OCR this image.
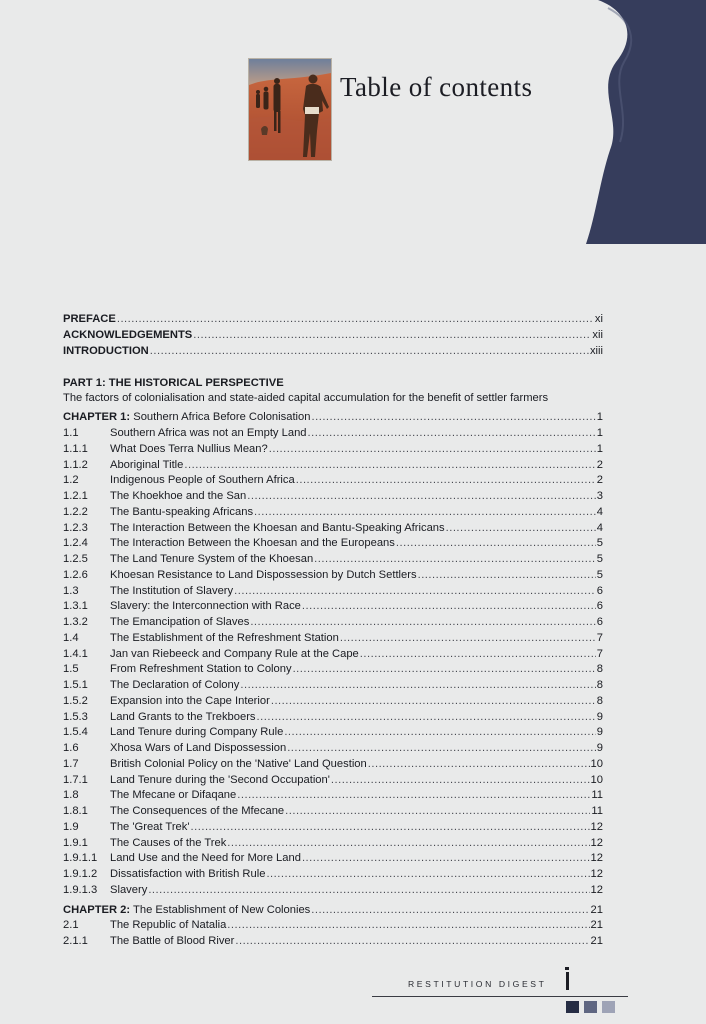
Table of contents
PREFACE .....	xi
ACKNOWLEDGEMENTS .....	xii
INTRODUCTION .....	xiii
PART 1: THE HISTORICAL PERSPECTIVE
The factors of colonialisation and state-aided capital accumulation for the benefit of settler farmers
CHAPTER 1: Southern Africa Before Colonisation .....	1
1.1	Southern Africa was not an Empty Land .....	1
1.1.1	What Does Terra Nullius Mean? .....	1
1.1.2	Aboriginal Title .....	2
1.2	Indigenous People of Southern Africa .....	2
1.2.1	The Khoekhoe and the San .....	3
1.2.2	The Bantu-speaking Africans .....	4
1.2.3	The Interaction Between the Khoesan and Bantu-Speaking Africans .....	4
1.2.4	The Interaction Between the Khoesan and the Europeans .....	5
1.2.5	The Land Tenure System of the Khoesan .....	5
1.2.6	Khoesan Resistance to Land Dispossession by Dutch Settlers .....	5
1.3	The Institution of Slavery .....	6
1.3.1	Slavery: the Interconnection with Race .....	6
1.3.2	The Emancipation of Slaves .....	6
1.4	The Establishment of the Refreshment Station .....	7
1.4.1	Jan van Riebeeck and Company Rule at the Cape .....	7
1.5	From Refreshment Station to Colony .....	8
1.5.1	The Declaration of Colony .....	8
1.5.2	Expansion into the Cape Interior .....	8
1.5.3	Land Grants to the Trekboers .....	9
1.5.4	Land Tenure during Company Rule .....	9
1.6	Xhosa Wars of Land Dispossession .....	9
1.7	British Colonial Policy on the 'Native' Land Question .....	10
1.7.1	Land Tenure during the 'Second Occupation' .....	10
1.8	The Mfecane or Difaqane .....	11
1.8.1	The Consequences of the Mfecane .....	11
1.9	The 'Great Trek' .....	12
1.9.1	The Causes of the Trek .....	12
1.9.1.1	Land Use and the Need for More Land .....	12
1.9.1.2	Dissatisfaction with British Rule .....	12
1.9.1.3	Slavery .....	12
CHAPTER 2: The Establishment of New Colonies .....	21
2.1	The Republic of Natalia .....	21
2.1.1	The Battle of Blood River .....	21
RESTITUTION DIGEST
